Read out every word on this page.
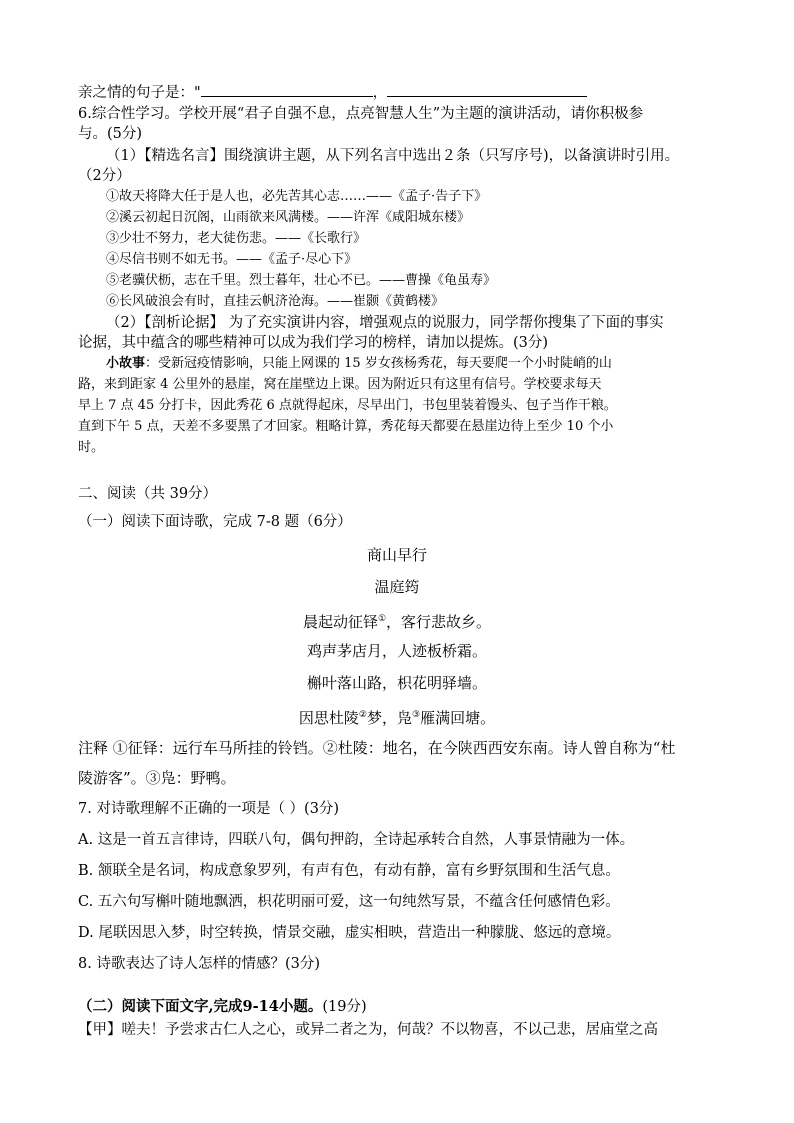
亲之情的句子是："	，
6.综合性学习。学校开展“君子自强不息，点亮智慧人生”为主题的演讲活动，请你积极参
与。(5分)
（1）【精选名言】围绕演讲主题，从下列名言中选出２条（只写序号)，以备演讲时引用。
（2分）
①故天将降大任于是人也，必先苦其心志……——《孟子·告子下》
②溪云初起日沉阁，山雨欲来风满楼。——许浑《咸阳城东楼》
③少壮不努力，老大徒伤悲。——《长歌行》
④尽信书则不如无书。——《孟子·尽心下》
⑤老骥伏枥，志在千里。烈士暮年，壮心不已。——曹操《龟虽寿》
⑥长风破浪会有时，直挂云帆济沧海。——崔颢《黄鹤楼》
（2）【剖析论据】 为了充实演讲内容，增强观点的说服力，同学帮你搜集了下面的事实
论据，其中蕴含的哪些精神可以成为我们学习的榜样，请加以提炼。(3分)
小故事：受新冠疫情影响，只能上网课的 15 岁女孩杨秀花，每天要爬一个小时陡峭的山
路，来到距家 4 公里外的悬崖，窝在崖壁边上课。因为附近只有这里有信号。学校要求每天
早上 7 点 45 分打卡，因此秀花 6 点就得起床，尽早出门，书包里装着馒头、包子当作干粮。
直到下午 5 点，天差不多要黑了才回家。粗略计算，秀花每天都要在悬崖边待上至少 10 个小
时。
二、阅读（共 39分）
（一）阅读下面诗歌，完成 7-8 题（6分）
商山早行
温庭筠
晨起动征铎①，客行悲故乡。
鸡声茅店月，人迹板桥霜。
槲叶落山路，枳花明驿墙。
因思杜陵②梦，凫③雁满回塘。
注释 ①征铎：远行车马所挂的铃铛。②杜陵：地名，在今陕西西安东南。诗人曾自称为“杜
陵游客”。③凫：野鸭。
7. 对诗歌理解不正确的一项是（ ）(3分)
A. 这是一首五言律诗，四联八句，偶句押韵，全诗起承转合自然，人事景情融为一体。
B. 颔联全是名词，构成意象罗列，有声有色，有动有静，富有乡野氛围和生活气息。
C. 五六句写槲叶随地飘洒，枳花明丽可爱，这一句纯然写景，不蕴含任何感情色彩。
D. 尾联因思入梦，时空转换，情景交融，虚实相映，营造出一种朦胧、悠远的意境。
8. 诗歌表达了诗人怎样的情感？(3分)
（二）阅读下面文字,完成9-14小题。(19分)
【甲】嗟夫！予尝求古仁人之心，或异二者之为，何哉？不以物喜，不以己悲，居庙堂之高
